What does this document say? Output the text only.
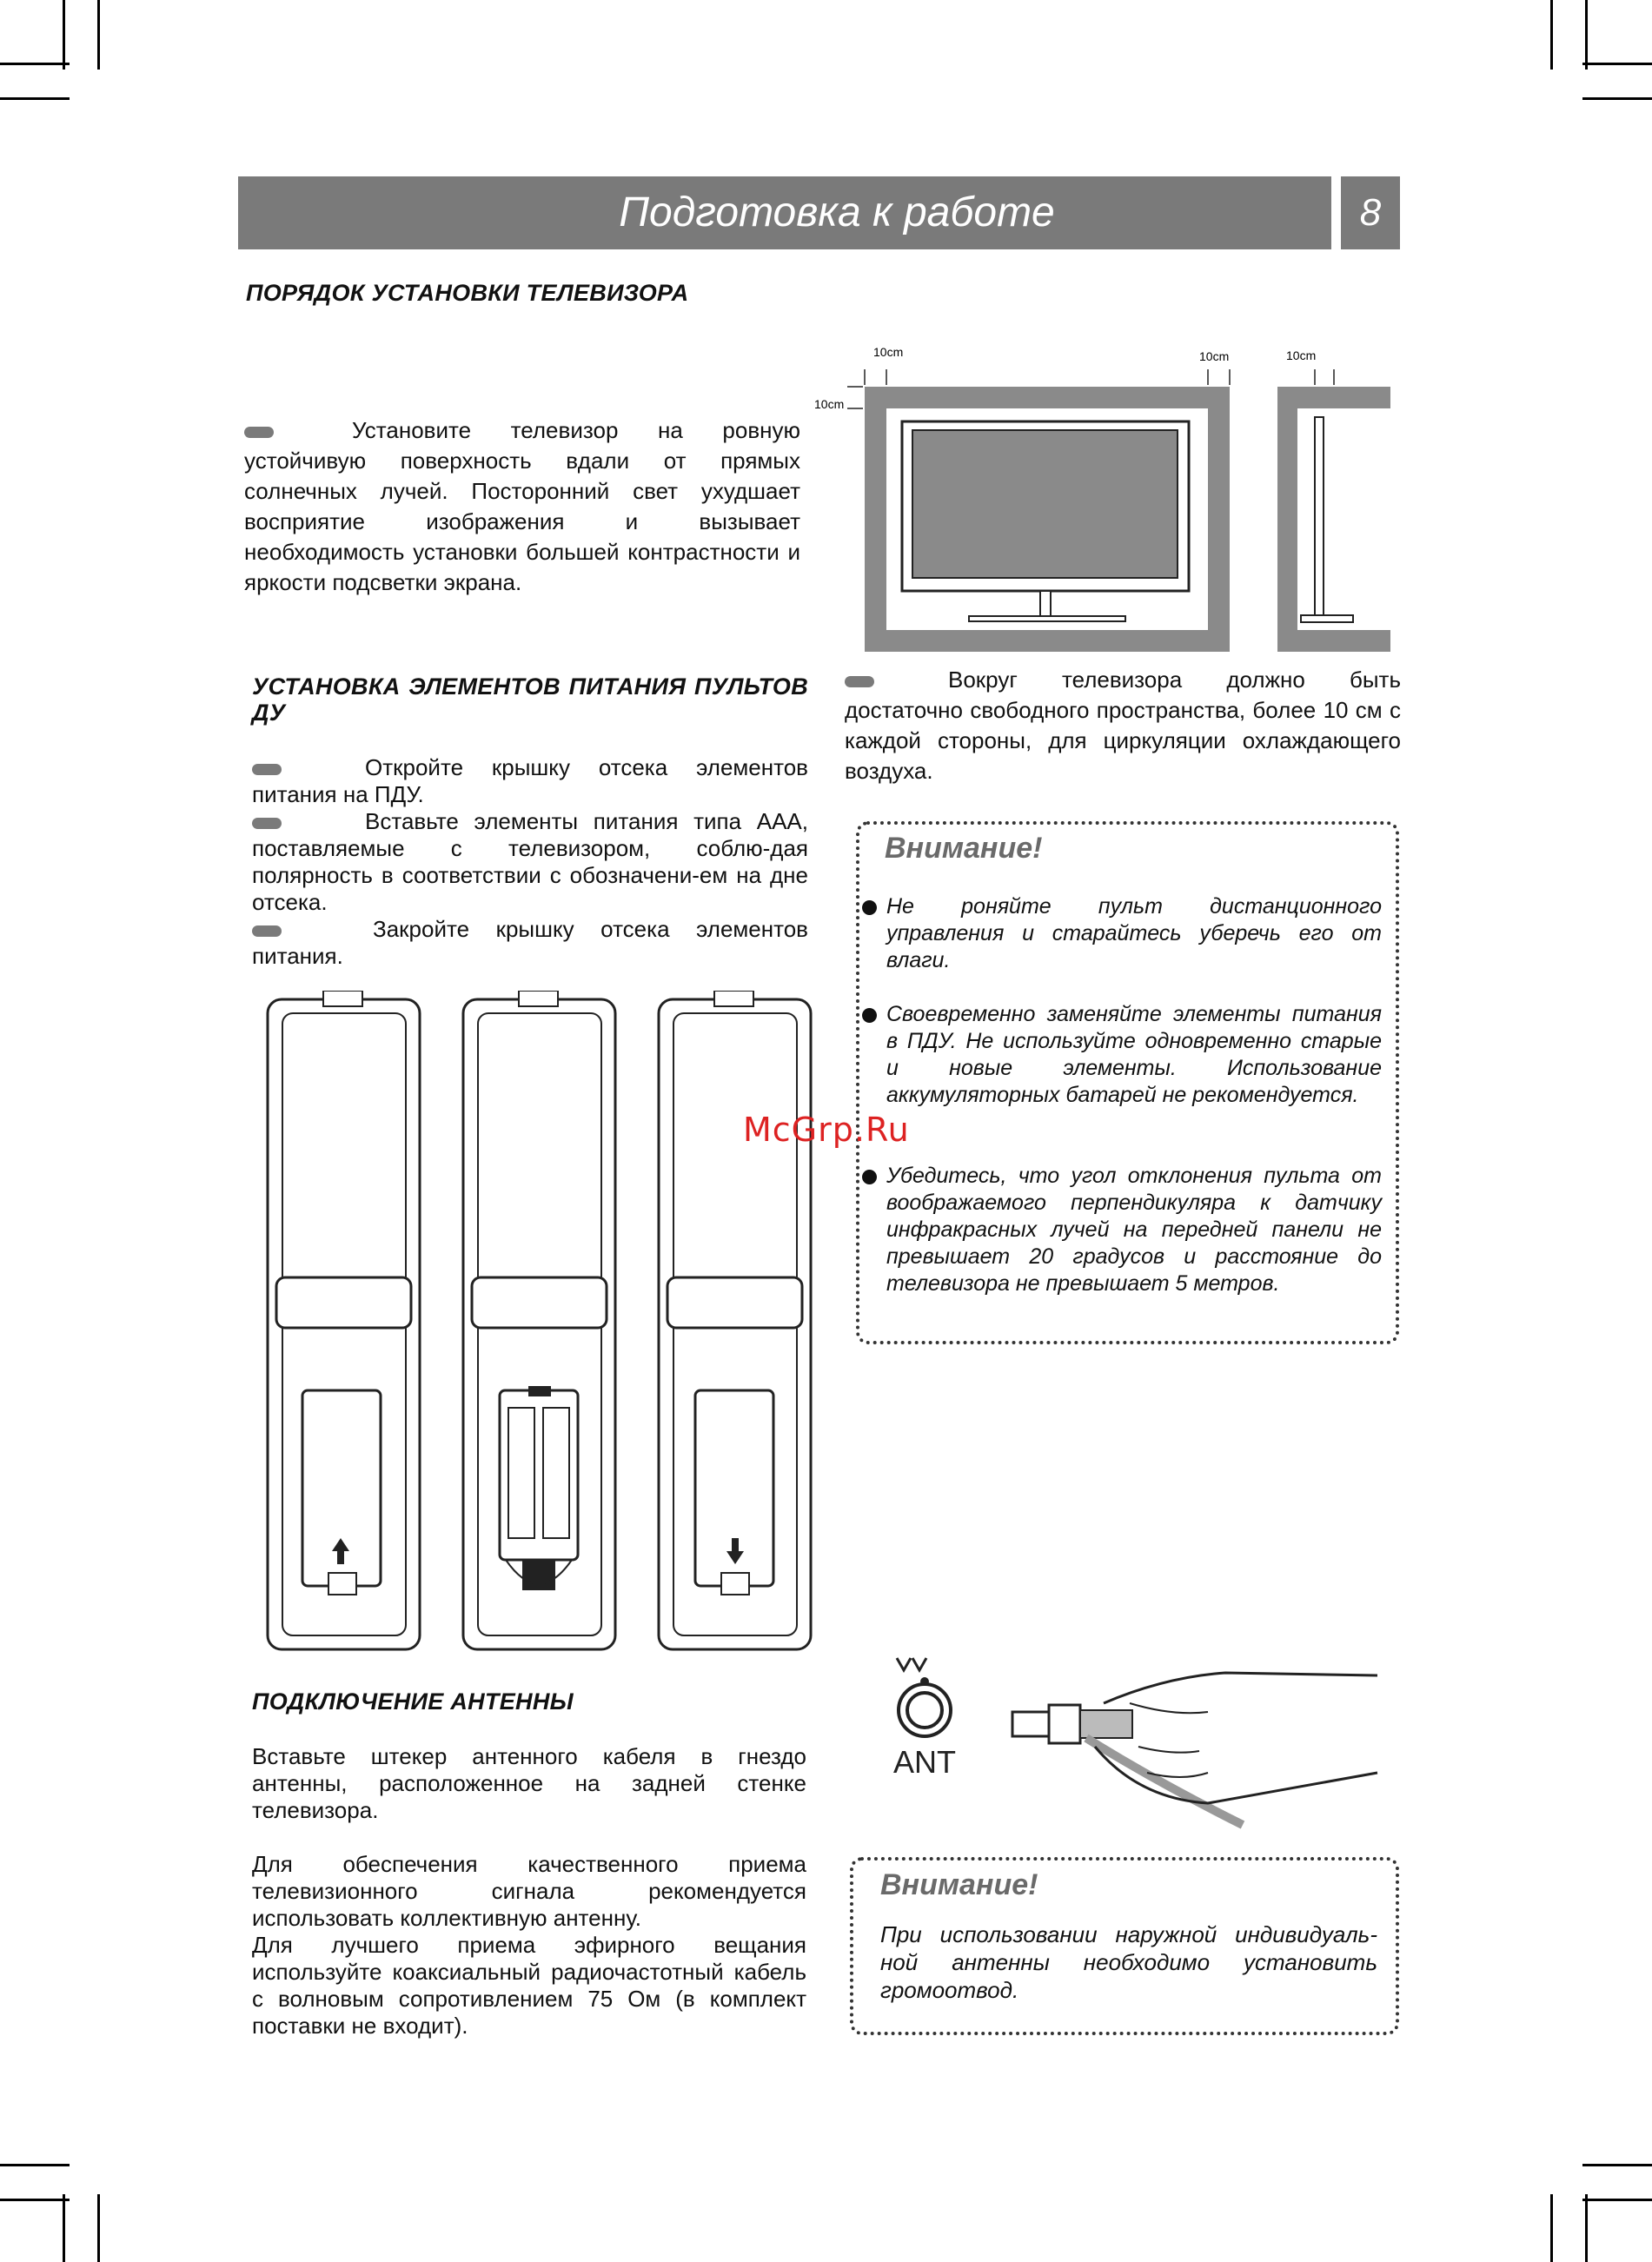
Подготовка к работе	8
ПОРЯДОК УСТАНОВКИ ТЕЛЕВИЗОРА
Установите телевизор на ровную устойчивую поверхность вдали от прямых солнечных лучей. Посторонний свет ухудшает восприятие изображения и вызывает необходимость установки большей контрастности и яркости подсветки экрана.
10cm	10cm
10cm
10cm
Вокруг телевизора должно быть достаточно свободного пространства, более 10 см с каждой стороны, для циркуляции охлаждающего воздуха.
УСТАНОВКА ЭЛЕМЕНТОВ ПИТАНИЯ ПУЛЬТОВ ДУ
Откройте крышку отсека элементов питания на ПДУ.
Вставьте элементы питания типа ААА, поставляемые с телевизором, соблю-дая полярность в соответствии с обозначени-ем на дне отсека.
Закройте крышку отсека элементов питания.
Внимание!
Не роняйте пульт дистанционного управления и старайтесь уберечь его от влаги.
Своевременно заменяйте элементы питания в ПДУ. Не используйте одновременно старые и новые элементы. Использование аккумуляторных батарей не рекомендуется.
Убедитесь, что угол отклонения пульта от воображаемого перпендикуляра к датчику инфракрасных лучей на передней панели не превышает 20 градусов и расстояние до телевизора не превышает 5 метров.
McGrp.Ru
ПОДКЛЮЧЕНИЕ АНТЕННЫ
Вставьте штекер антенного кабеля в гнездо антенны, расположенное на задней стенке телевизора.
Для обеспечения качественного приема телевизионного сигнала рекомендуется использовать коллективную антенну.
Для лучшего приема эфирного вещания используйте коаксиальный радиочастотный кабель с волновым сопротивлением 75 Ом (в комплект поставки не входит).
ANT
Внимание!
При использовании наружной индивидуаль-ной антенны необходимо установить громоотвод.
